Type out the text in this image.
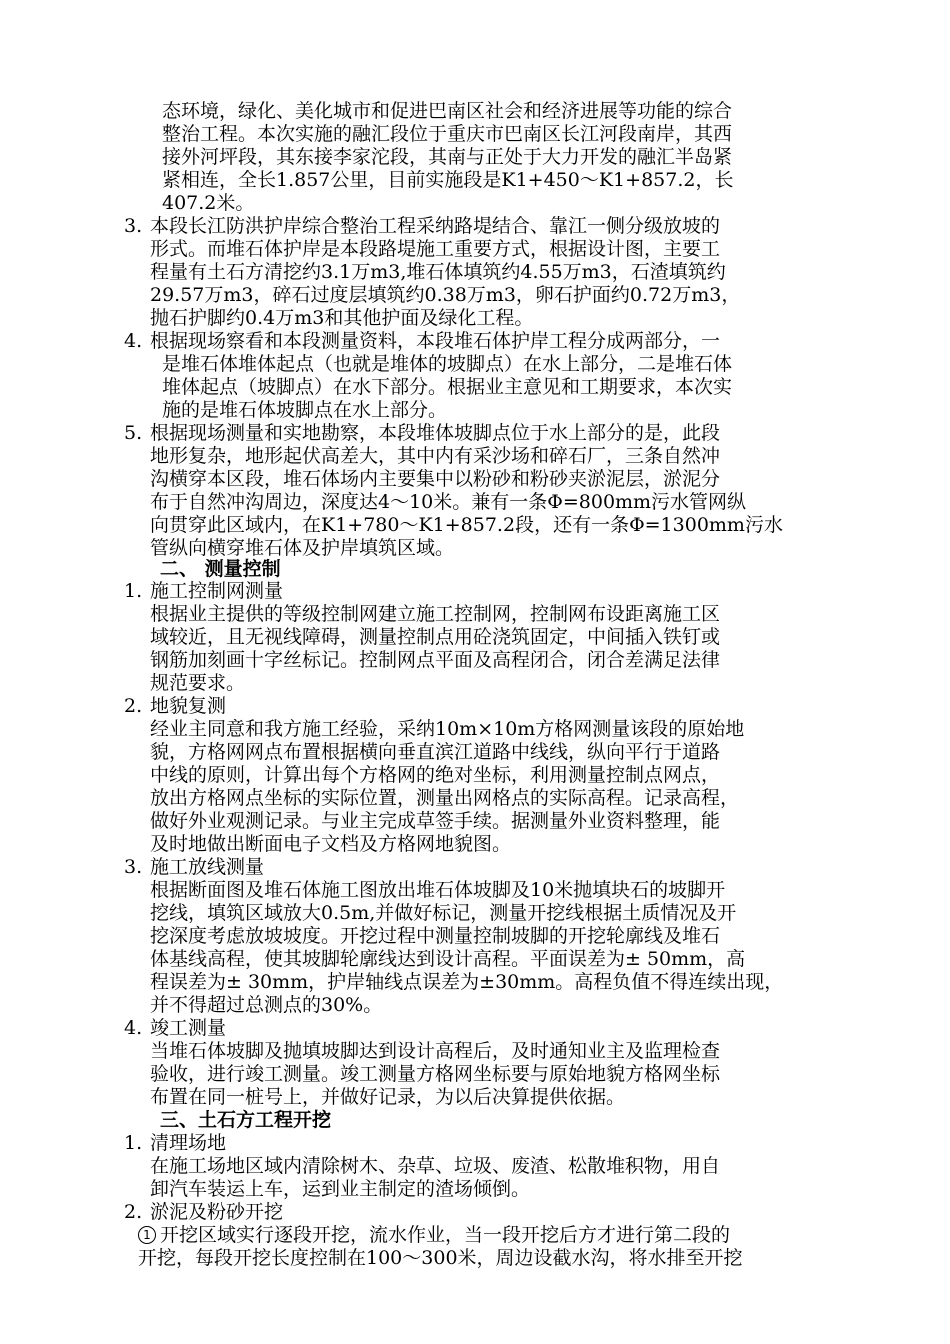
态环境，绿化、美化城市和促进巴南区社会和经济进展等功能的综合
整治工程。本次实施的融汇段位于重庆市巴南区长江河段南岸，其西
接外河坪段，其东接李家沱段，其南与正处于大力开发的融汇半岛紧
紧相连，全长1.857公里，目前实施段是K1+450～K1+857.2，长
407.2米。
3. 本段长江防洪护岸综合整治工程采纳路堤结合、靠江一侧分级放坡的
形式。而堆石体护岸是本段路堤施工重要方式，根据设计图，主要工
程量有土石方清挖约3.1万m3,堆石体填筑约4.55万m3，石渣填筑约
29.57万m3，碎石过度层填筑约0.38万m3，卵石护面约0.72万m3，
抛石护脚约0.4万m3和其他护面及绿化工程。
4. 根据现场察看和本段测量资料，本段堆石体护岸工程分成两部分，一
是堆石体堆体起点（也就是堆体的坡脚点）在水上部分，二是堆石体
堆体起点（坡脚点）在水下部分。根据业主意见和工期要求，本次实
施的是堆石体坡脚点在水上部分。
5. 根据现场测量和实地勘察，本段堆体坡脚点位于水上部分的是，此段
地形复杂，地形起伏高差大，其中内有采沙场和碎石厂，三条自然冲
沟横穿本区段，堆石体场内主要集中以粉砂和粉砂夹淤泥层，淤泥分
布于自然冲沟周边，深度达4～10米。兼有一条Φ=800mm污水管网纵
向贯穿此区域内，在K1+780～K1+857.2段，还有一条Φ=1300mm污水
管纵向横穿堆石体及护岸填筑区域。
二、 测量控制
1. 施工控制网测量
根据业主提供的等级控制网建立施工控制网，控制网布设距离施工区
域较近，且无视线障碍，测量控制点用砼浇筑固定，中间插入铁钉或
钢筋加刻画十字丝标记。控制网点平面及高程闭合，闭合差满足法律
规范要求。
2. 地貌复测
经业主同意和我方施工经验，采纳10m×10m方格网测量该段的原始地
貌，方格网网点布置根据横向垂直滨江道路中线线，纵向平行于道路
中线的原则，计算出每个方格网的绝对坐标，利用测量控制点网点，
放出方格网点坐标的实际位置，测量出网格点的实际高程。记录高程，
做好外业观测记录。与业主完成草签手续。据测量外业资料整理，能
及时地做出断面电子文档及方格网地貌图。
3. 施工放线测量
根据断面图及堆石体施工图放出堆石体坡脚及10米抛填块石的坡脚开
挖线，填筑区域放大0.5m,并做好标记，测量开挖线根据土质情况及开
挖深度考虑放坡坡度。开挖过程中测量控制坡脚的开挖轮廓线及堆石
体基线高程，使其坡脚轮廓线达到设计高程。平面误差为± 50mm，高
程误差为± 30mm，护岸轴线点误差为±30mm。高程负值不得连续出现，
并不得超过总测点的30%。
4. 竣工测量
当堆石体坡脚及抛填坡脚达到设计高程后，及时通知业主及监理检查
验收，进行竣工测量。竣工测量方格网坐标要与原始地貌方格网坐标
布置在同一桩号上，并做好记录，为以后决算提供依据。
三、土石方工程开挖
1. 清理场地
在施工场地区域内清除树木、杂草、垃圾、废渣、松散堆积物，用自
卸汽车装运上车，运到业主制定的渣场倾倒。
2. 淤泥及粉砂开挖
1 开挖区域实行逐段开挖，流水作业，当一段开挖后方才进行第二段的
开挖，每段开挖长度控制在100～300米，周边设截水沟，将水排至开挖
